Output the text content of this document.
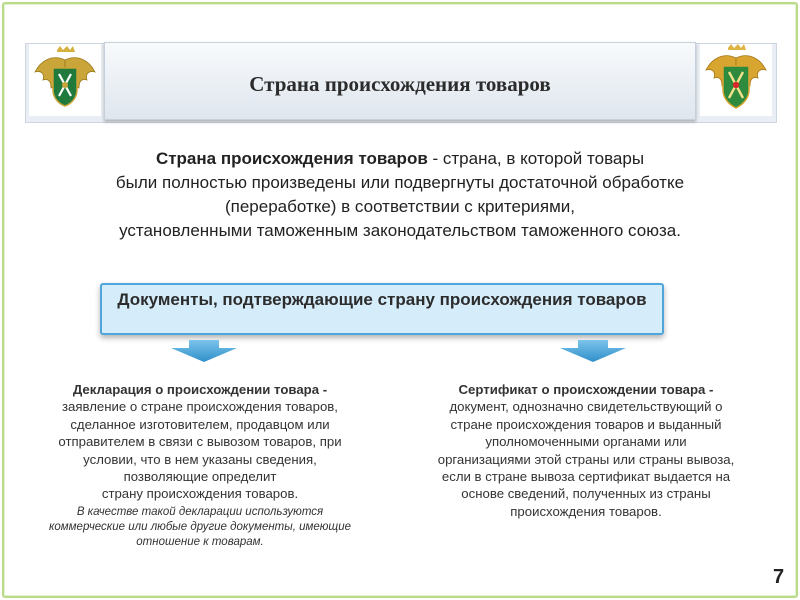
Страна происхождения товаров
Страна происхождения товаров - страна, в которой товары
были полностью произведены или подвергнуты достаточной обработке
(переработке) в соответствии с критериями,
установленными таможенным законодательством таможенного союза.
Документы, подтверждающие страну происхождения товаров
Декларация о происхождении товара -
заявление о стране происхождения товаров,
сделанное изготовителем, продавцом или
отправителем в связи с вывозом товаров, при
условии, что в нем указаны сведения,
позволяющие определит
страну происхождения товаров.
В качестве такой декларации используются
коммерческие или любые другие документы, имеющие
отношение к товарам.
Сертификат о происхождении товара -
документ, однозначно свидетельствующий о
стране происхождения товаров и выданный
уполномоченными органами или
организациями этой страны или страны вывоза,
если в стране вывоза сертификат выдается на
основе сведений, полученных из страны
происхождения товаров.
7
